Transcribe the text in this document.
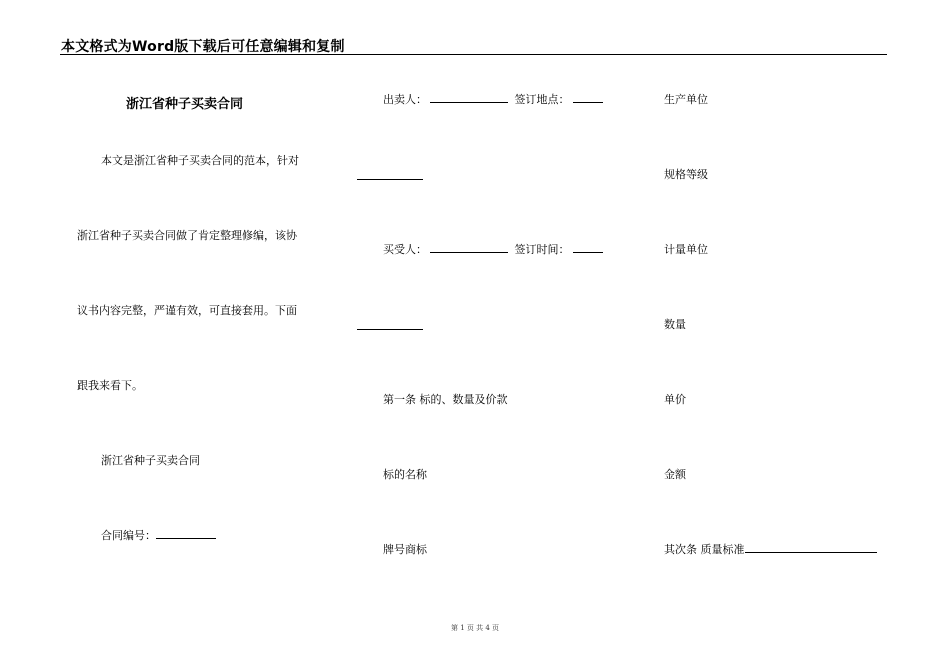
本文格式为Word版下载后可任意编辑和复制
浙江省种子买卖合同
本文是浙江省种子买卖合同的范本，针对
浙江省种子买卖合同做了肯定整理修编，该协
议书内容完整，严谨有效，可直接套用。下面
跟我来看下。
浙江省种子买卖合同
合同编号：
出卖人：	签订地点：
买受人：	签订时间：
第一条 标的、数量及价款
标的名称
牌号商标
生产单位
规格等级
计量单位
数量
单价
金额
其次条 质量标准
第 1 页 共 4 页
